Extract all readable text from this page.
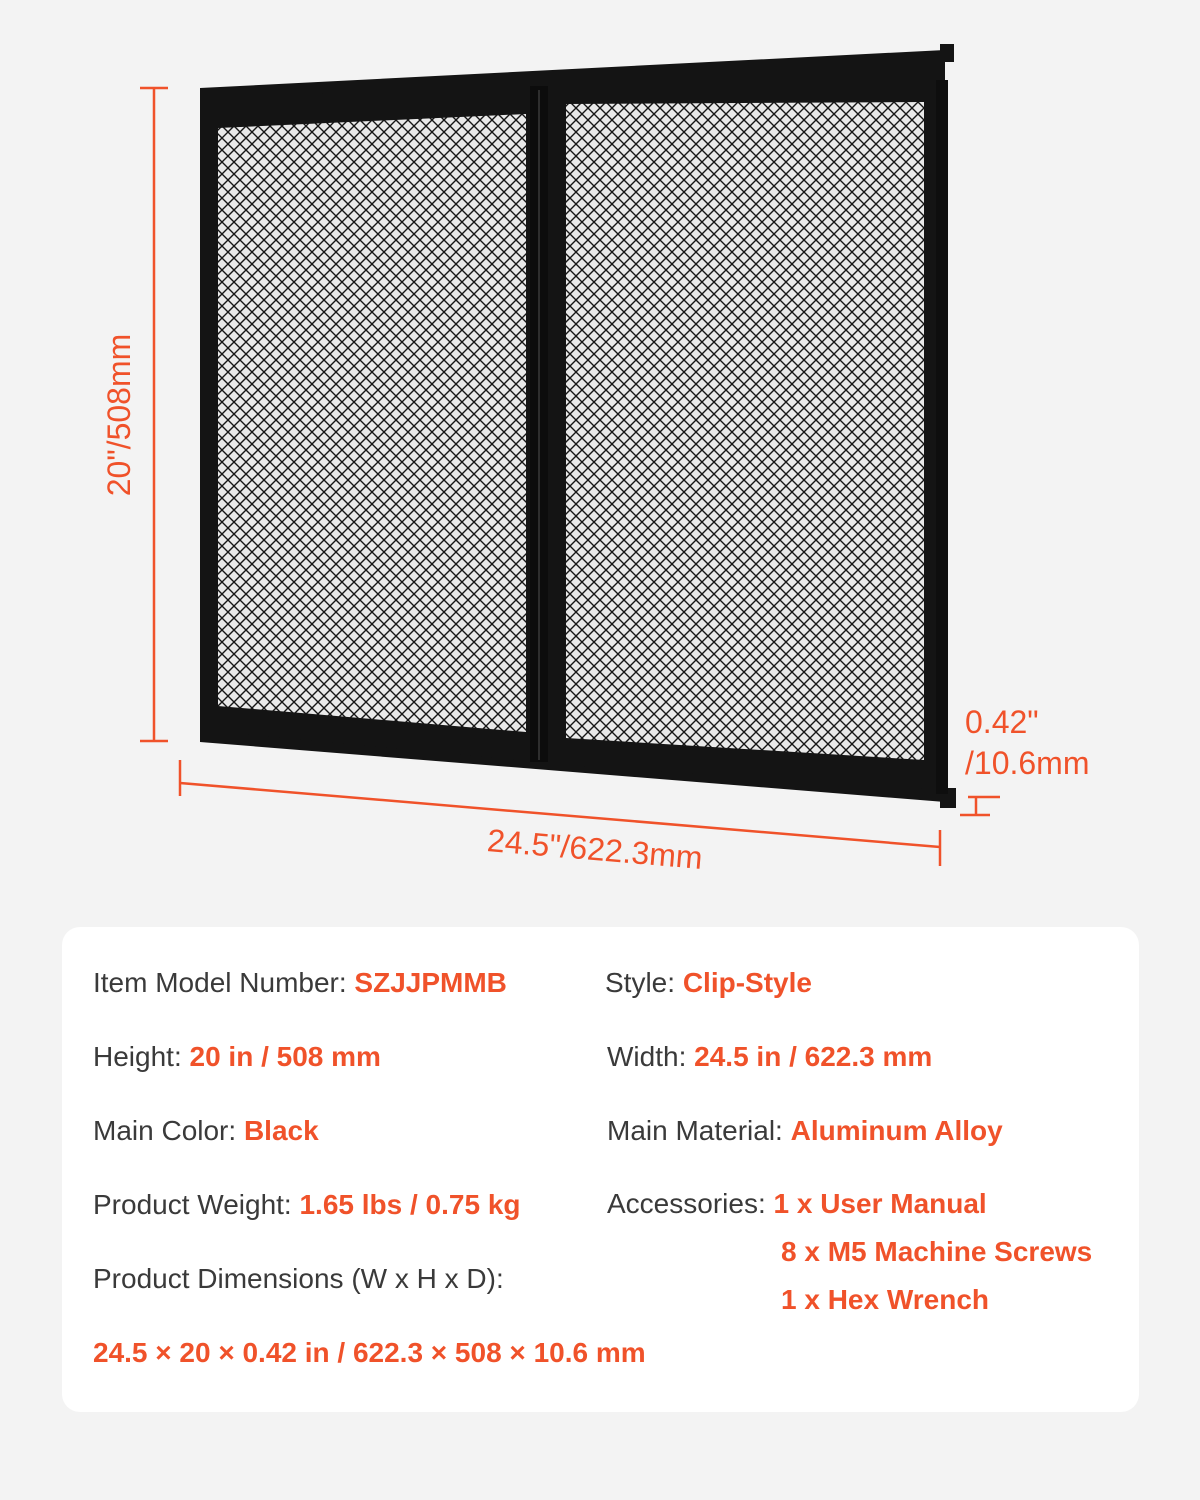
20"/508mm
24.5"/622.3mm
0.42"
/10.6mm
Item Model Number: SZJJPMMB	Style: Clip-Style
Height: 20 in / 508 mm	Width: 24.5 in / 622.3 mm
Main Color: Black	Main Material: Aluminum Alloy
Product Weight: 1.65 lbs / 0.75 kg	Accessories: 1 x User Manual
8 x M5 Machine Screws
1 x Hex Wrench
Product Dimensions (W x H x D):
24.5 × 20 × 0.42 in / 622.3 × 508 × 10.6 mm
